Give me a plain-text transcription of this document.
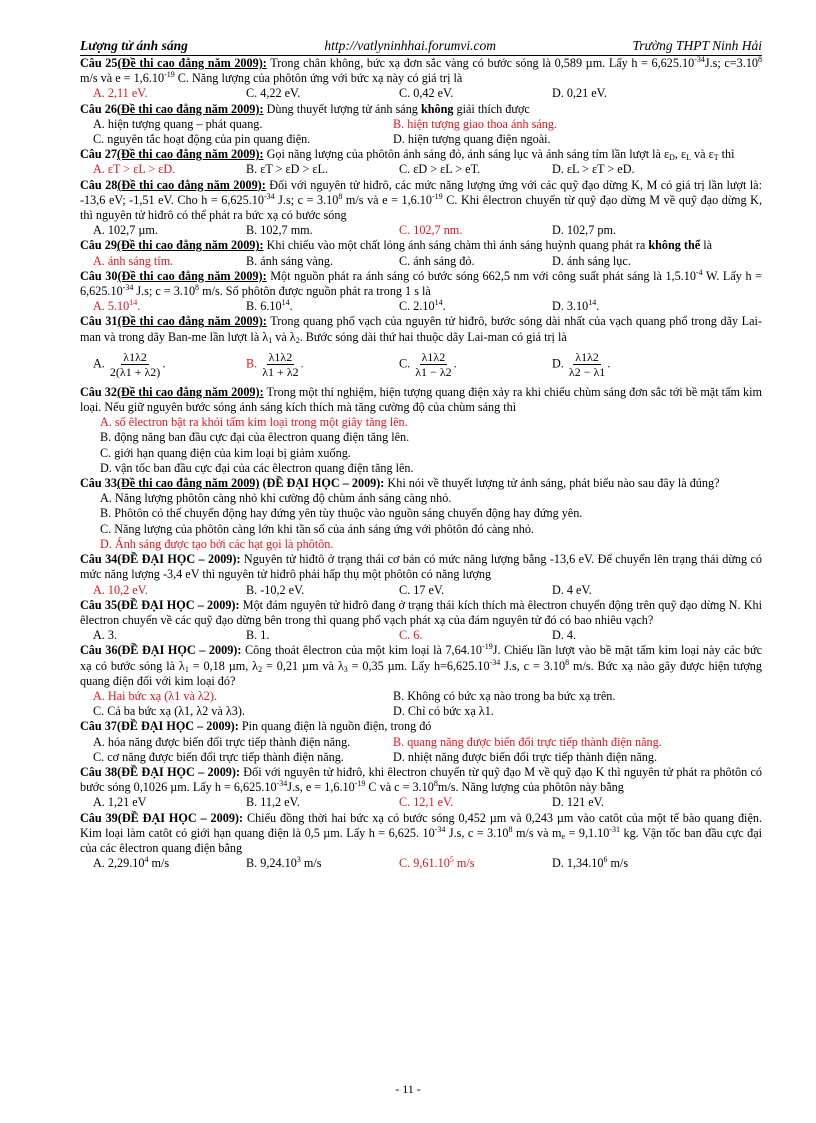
Lượng tử ánh sáng	http://vatlyninhhai.forumvi.com	Trường THPT Ninh Hải

Câu 25(Đề thi cao đẳng năm 2009): Trong chân không, bức xạ đơn sắc vàng có bước sóng là 0,589 µm. Lấy $h = 6,625.10^{-34}J.s$; $c=3.10^8$ m/s và $e = 1,6.10^{-19}$ C. Năng lượng của phôtôn ứng với bức xạ này có giá trị là

A. 2,11 eV.	C. 4,22 eV.	C. 0,42 eV.	D. 0,21 eV.

Câu 26(Đề thi cao đẳng năm 2009): Dùng thuyết lượng tử ánh sáng không giải thích được

A. hiện tượng quang – phát quang.	B. hiện tượng giao thoa ánh sáng.
C. nguyên tắc hoạt động của pin quang điện.	D. hiện tượng quang điện ngoài.

Câu 27(Đề thi cao đẳng năm 2009): Gọi năng lượng của phôtôn ánh sáng đỏ, ánh sáng lục và ánh sáng tím lần lượt là $\varepsilon_D$, $\varepsilon_L$ và $\varepsilon_T$ thì

A. εT > εL > εD.	B. εT > εD > εL.	C. εD > εL > eT.	D. εL > εT > eD.

Câu 28(Đề thi cao đẳng năm 2009): Đối với nguyên tử hiđrô, các mức năng lượng ứng với các quỹ đạo dừng K, M có giá trị lần lượt là: -13,6 eV; -1,51 eV. Cho $h = 6,625.10^{-34}$ J.s; $c = 3.10^8$ m/s và $e = 1,6.10^{-19}$ C. Khi êlectron chuyển từ quỹ đạo dừng M về quỹ đạo dừng K, thì nguyên tử hiđrô có thể phát ra bức xạ có bước sóng

A. 102,7 µm.	B. 102,7 mm.	C. 102,7 nm.	D. 102,7 pm.

Câu 29(Đề thi cao đẳng năm 2009): Khi chiếu vào một chất lỏng ánh sáng chàm thì ánh sáng huỳnh quang phát ra không thể là

A. ánh sáng tím.	B. ánh sáng vàng.	C. ánh sáng đỏ.	D. ánh sáng lục.

Câu 30(Đề thi cao đẳng năm 2009): Một nguồn phát ra ánh sáng có bước sóng 662,5 nm với công suất phát sáng là $1,5.10^{-4}$ W. Lấy $h = 6,625.10^{-34}$ J.s; $c = 3.10^8$ m/s. Số phôtôn được nguồn phát ra trong 1 s là

A. 5.10$^{14}$.	B. 6.10$^{14}$.	C. 2.10$^{14}$.	D. 3.10$^{14}$.

Câu 31(Đề thi cao đẳng năm 2009): Trong quang phổ vạch của nguyên tử hiđrô, bước sóng dài nhất của vạch quang phổ trong dãy Lai-man và trong dãy Ban-me lần lượt là $\lambda_1$ và $\lambda_2$. Bước sóng dài thứ hai thuộc dãy Lai-man có giá trị là

A. $\frac{\lambda 1\lambda 2}{2(\lambda 1 + \lambda 2)}$ .	B. $\frac{\lambda 1\lambda 2}{\lambda 1 + \lambda 2}$ .	C. $\frac{\lambda 1\lambda 2}{\lambda 1 - \lambda 2}$ .	D. $\frac{\lambda 1\lambda 2}{\lambda 2 - \lambda 1}$ .

Câu 32(Đề thi cao đẳng năm 2009): Trong một thí nghiệm, hiện tượng quang điện xảy ra khi chiếu chùm sáng đơn sắc tới bề mặt tấm kim loại. Nếu giữ nguyên bước sóng ánh sáng kích thích mà tăng cường độ của chùm sáng thì

A. số êlectron bật ra khỏi tấm kim loại trong một giây tăng lên.
B. động năng ban đầu cực đại của êlectron quang điện tăng lên.
C. giới hạn quang điện của kim loại bị giảm xuống.
D. vận tốc ban đầu cực đại của các êlectron quang điện tăng lên.

Câu 33(Đề thi cao đẳng năm 2009) (ĐỀ ĐẠI HỌC – 2009): Khi nói về thuyết lượng tử ánh sáng, phát biểu nào sau đây là đúng?

A. Năng lượng phôtôn càng nhỏ khi cường độ chùm ánh sáng càng nhỏ.
B. Phôtôn có thể chuyển động hay đứng yên tùy thuộc vào nguồn sáng chuyển động hay đứng yên.
C. Năng lượng của phôtôn càng lớn khi tần số của ánh sáng ứng với phôtôn đó càng nhỏ.
D. Ánh sáng được tạo bởi các hạt gọi là phôtôn.

Câu 34(ĐỀ ĐẠI HỌC – 2009): Nguyên tử hiđtô ở trạng thái cơ bản có mức năng lượng bằng -13,6 eV. Để chuyển lên trạng thái dừng có mức năng lượng -3,4 eV thì nguyên tử hiđrô phải hấp thụ một phôtôn có năng lượng

A. 10,2 eV.	B. -10,2 eV.	C. 17 eV.	D. 4 eV.

Câu 35(ĐỀ ĐẠI HỌC – 2009): Một đám nguyên tử hiđrô đang ở trạng thái kích thích mà êlectron chuyển động trên quỹ đạo dừng N. Khi êlectron chuyển về các quỹ đạo dừng bên trong thì quang phổ vạch phát xạ của đám nguyên tử đó có bao nhiêu vạch?

A. 3.	B. 1.	C. 6.	D. 4.

Câu 36(ĐỀ ĐẠI HỌC – 2009): Công thoát êlectron của một kim loại là $7,64.10^{-19}J$. Chiếu lần lượt vào bề mặt tấm kim loại này các bức xạ có bước sóng là $\lambda_1 = 0,18$ µm, $\lambda_2 = 0,21$ µm và $\lambda_3 = 0,35$ µm. Lấy $h=6,625.10^{-34}$ J.s, $c = 3.10^8$ m/s. Bức xạ nào gây được hiện tượng quang điện đối với kim loại đó?

A. Hai bức xạ (λ1 và λ2).	B. Không có bức xạ nào trong ba bức xạ trên.
C. Cả ba bức xạ (λ1, λ2 và λ3).	D. Chỉ có bức xạ λ1.

Câu 37(ĐỀ ĐẠI HỌC – 2009): Pin quang điện là nguồn điện, trong đó

A. hóa năng được biến đổi trực tiếp thành điện năng.	B. quang năng được biến đổi trực tiếp thành điện năng.
C. cơ năng được biến đổi trực tiếp thành điện năng.	D. nhiệt năng được biến đổi trực tiếp thành điện năng.

Câu 38(ĐỀ ĐẠI HỌC – 2009): Đối với nguyên tử hiđrô, khi êlectron chuyển từ quỹ đạo M về quỹ đạo K thì nguyên tử phát ra phôtôn có bước sóng 0,1026 µm. Lấy $h = 6,625.10^{-34}J.s$, $e = 1,6.10^{-19}$ C và $c = 3.10^8m/s$. Năng lượng của phôtôn này bằng

A. 1,21 eV	B. 11,2 eV.	C. 12,1 eV.	D. 121 eV.

Câu 39(ĐỀ ĐẠI HỌC – 2009): Chiếu đồng thời hai bức xạ có bước sóng 0,452 µm và 0,243 µm vào catôt của một tế bào quang điện. Kim loại làm catôt có giới hạn quang điện là 0,5 µm. Lấy h = 6,625. $10^{-34}$ J.s, $c = 3.10^8$ m/s và $m_e = 9,1.10^{-31}$ kg. Vận tốc ban đầu cực đại của các êlectron quang điện bằng

A. 2,29.10$^4$ m/s	B. 9,24.10$^3$ m/s	C. 9,61.10$^5$ m/s	D. 1,34.10$^6$ m/s
- 11 -
